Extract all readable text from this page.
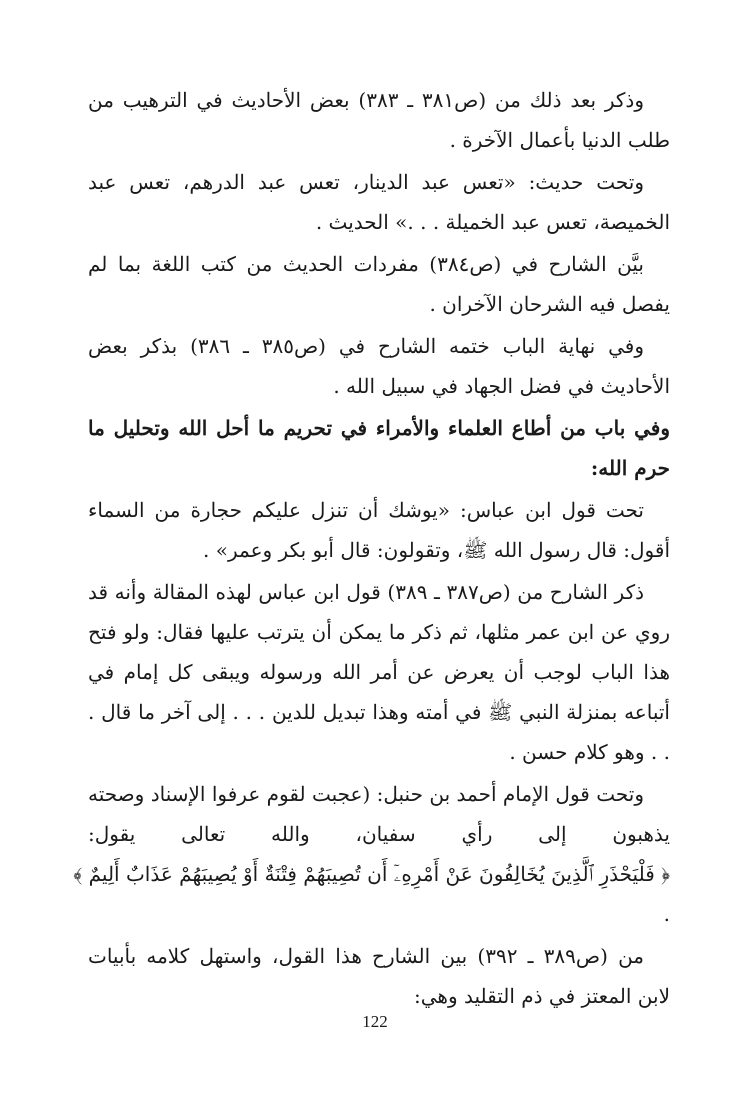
وذكر بعد ذلك من (ص٣٨١ ـ ٣٨٣) بعض الأحاديث في الترهيب من طلب الدنيا بأعمال الآخرة .

وتحت حديث: «تعس عبد الدينار، تعس عبد الدرهم، تعس عبد الخميصة، تعس عبد الخميلة . . .» الحديث .

بيَّن الشارح في (ص٣٨٤) مفردات الحديث من كتب اللغة بما لم يفصل فيه الشرحان الآخران .

وفي نهاية الباب ختمه الشارح في (ص٣٨٥ ـ ٣٨٦) بذكر بعض الأحاديث في فضل الجهاد في سبيل الله .

وفي باب من أطاع العلماء والأمراء في تحريم ما أحل الله وتحليل ما حرم الله:

تحت قول ابن عباس: «يوشك أن تنزل عليكم حجارة من السماء أقول: قال رسول الله ﷺ، وتقولون: قال أبو بكر وعمر» .

ذكر الشارح من (ص٣٨٧ ـ ٣٨٩) قول ابن عباس لهذه المقالة وأنه قد روي عن ابن عمر مثلها، ثم ذكر ما يمكن أن يترتب عليها فقال: ولو فتح هذا الباب لوجب أن يعرض عن أمر الله ورسوله ويبقى كل إمام في أتباعه بمنزلة النبي ﷺ في أمته وهذا تبديل للدين . . . إلى آخر ما قال . . . وهو كلام حسن .

وتحت قول الإمام أحمد بن حنبل: (عجبت لقوم عرفوا الإسناد وصحته يذهبون إلى رأي سفيان، والله تعالى يقول: ﴿ فَلْيَحْذَرِ ٱلَّذِينَ يُخَالِفُونَ عَنْ أَمْرِهِۦٓ أَن تُصِيبَهُمْ فِتْنَةٌ أَوْ يُصِيبَهُمْ عَذَابٌ أَلِيمٌ ﴾ .

من (ص٣٨٩ ـ ٣٩٢) بين الشارح هذا القول، واستهل كلامه بأبيات لابن المعتز في ذم التقليد وهي:

122
